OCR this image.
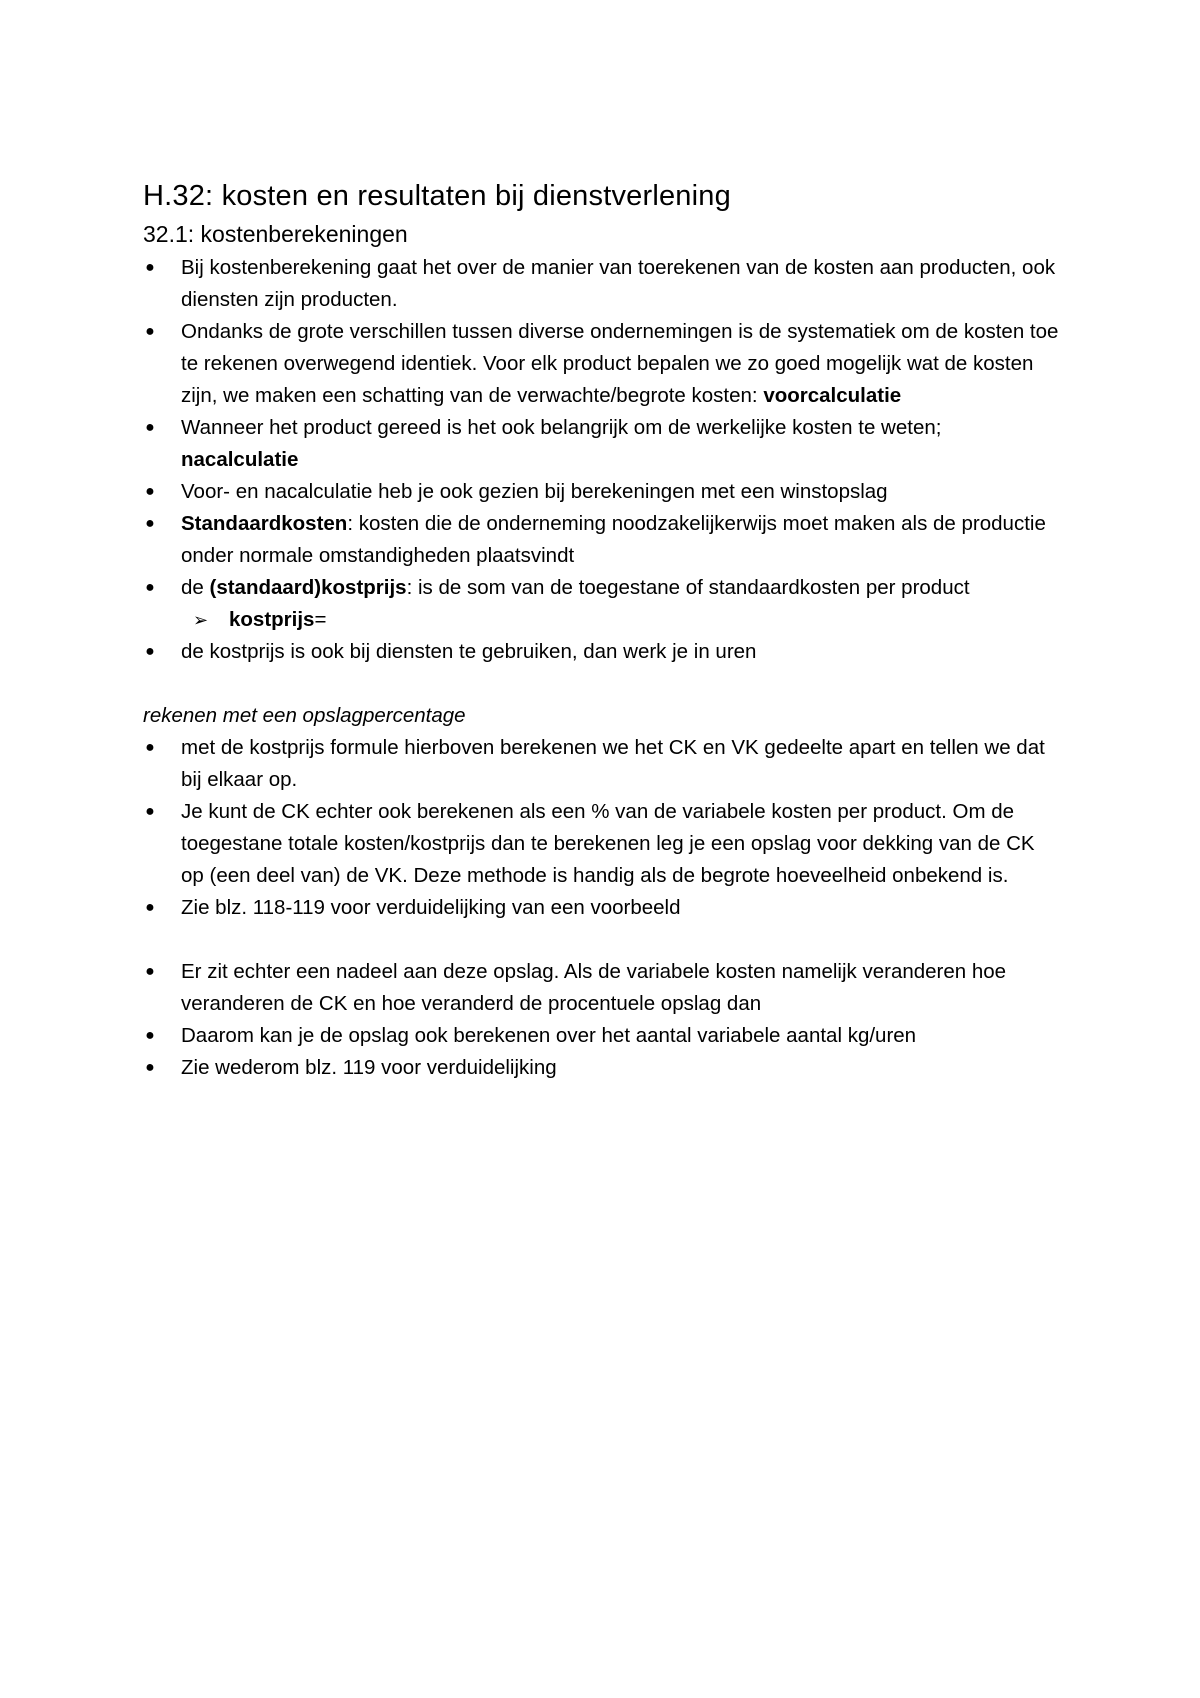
H.32: kosten en resultaten bij dienstverlening
32.1: kostenberekeningen
● Bij kostenberekening gaat het over de manier van toerekenen van de kosten aan producten, ook diensten zijn producten.
● Ondanks de grote verschillen tussen diverse ondernemingen is de systematiek om de kosten toe te rekenen overwegend identiek. Voor elk product bepalen we zo goed mogelijk wat de kosten zijn, we maken een schatting van de verwachte/begrote kosten: voorcalculatie
● Wanneer het product gereed is het ook belangrijk om de werkelijke kosten te weten; nacalculatie
● Voor- en nacalculatie heb je ook gezien bij berekeningen met een winstopslag
● Standaardkosten: kosten die de onderneming noodzakelijkerwijs moet maken als de productie onder normale omstandigheden plaatsvindt
● de (standaard)kostprijs: is de som van de toegestane of standaardkosten per product
➢ kostprijs=
● de kostprijs is ook bij diensten te gebruiken, dan werk je in uren

rekenen met een opslagpercentage

● met de kostprijs formule hierboven berekenen we het CK en VK gedeelte apart en tellen we dat bij elkaar op.
● Je kunt de CK echter ook berekenen als een % van de variabele kosten per product. Om de toegestane totale kosten/kostprijs dan te berekenen leg je een opslag voor dekking van de CK op (een deel van) de VK. Deze methode is handig als de begrote hoeveelheid onbekend is.
● Zie blz. 118-119 voor verduidelijking van een voorbeeld
● Er zit echter een nadeel aan deze opslag. Als de variabele kosten namelijk veranderen hoe veranderen de CK en hoe veranderd de procentuele opslag dan
● Daarom kan je de opslag ook berekenen over het aantal variabele aantal kg/uren
● Zie wederom blz. 119 voor verduidelijking
